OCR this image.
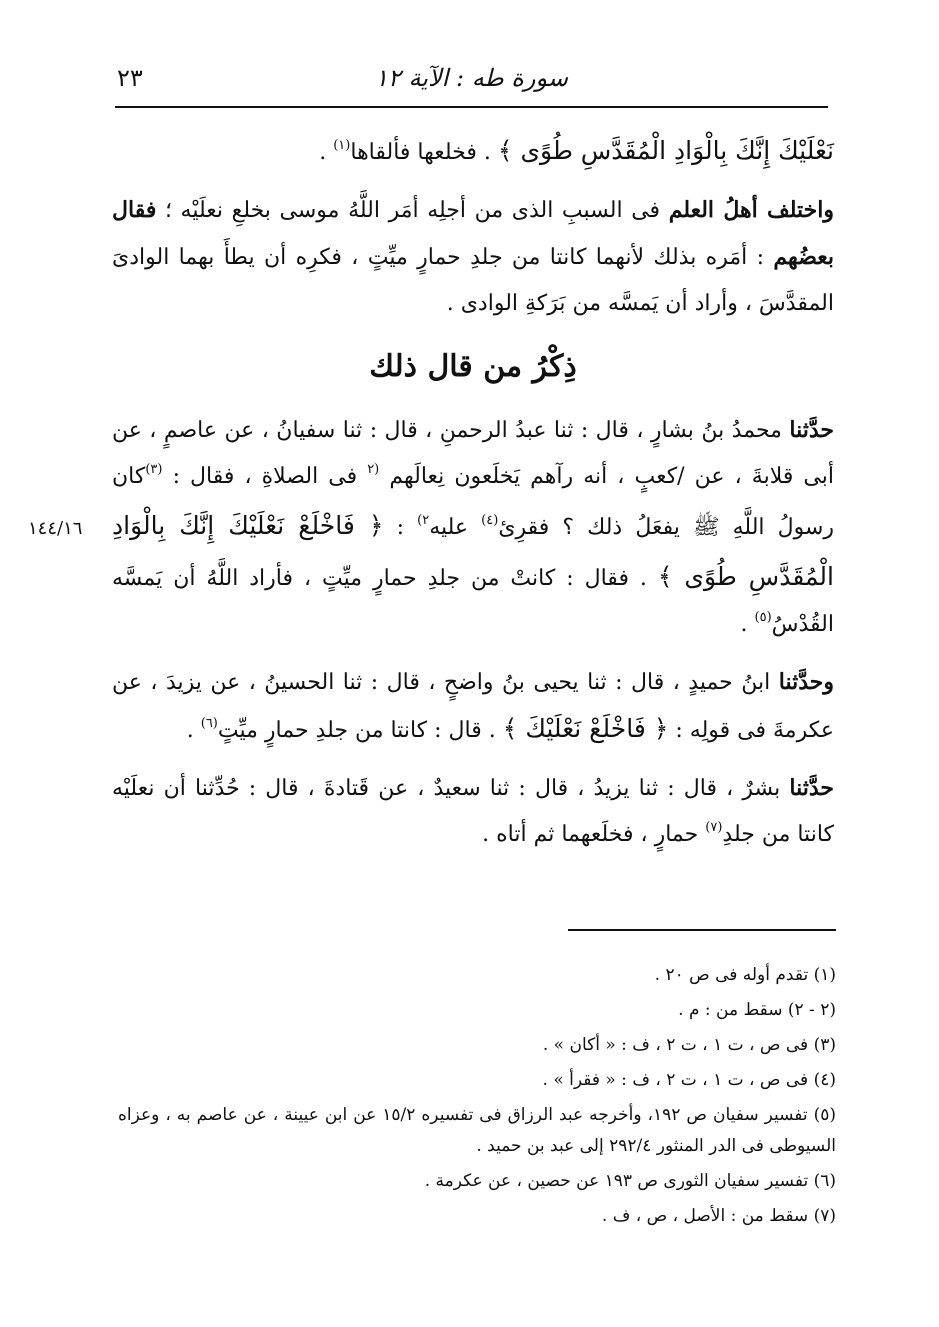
سورة طه : الآية ١٢
٢٣
١٤٤/١٦

نَعْلَيْكَ إِنَّكَ بِالْوَادِ الْمُقَدَّسِ طُوًى ﴾ . فخلعها فألقاها$^{(١)}$ .

واختلف أهلُ العلم فى السببِ الذى من أجلِه أمَر اللَّهُ موسى بخلعِ نعلَيْه ؛ فقال بعضُهم : أمَره بذلك لأنهما كانتا من جلدِ حمارٍ ميِّتٍ ، فكرِه أن يطأَ بهما الوادىَ المقدَّسَ ، وأراد أن يَمسَّه من بَرَكةِ الوادى .

ذِكْرُ من قال ذلك

حدَّثنا محمدُ بنُ بشارٍ ، قال : ثنا عبدُ الرحمنِ ، قال : ثنا سفيانُ ، عن عاصمٍ ، عن أبى قلابةَ ، عن /كعبٍ ، أنه رآهم يَخلَعون نِعالَهم $^{(٢}$ فى الصلاةِ ، فقال : $^{(٣)}$كان رسولُ اللَّهِ ﷺ يفعَلُ ذلك ؟ فقرِئ$^{(٤)}$ عليه$^{٢)}$ : ﴿ فَاخْلَعْ نَعْلَيْكَ إِنَّكَ بِالْوَادِ الْمُقَدَّسِ طُوًى ﴾ . فقال : كانتْ من جلدِ حمارٍ ميِّتٍ ، فأراد اللَّهُ أن يَمسَّه القُدْسُ$^{(٥)}$ .

وحدَّثنا ابنُ حميدٍ ، قال : ثنا يحيى بنُ واضحٍ ، قال : ثنا الحسينُ ، عن يزيدَ ، عن عكرمةَ فى قولِه : ﴿ فَاخْلَعْ نَعْلَيْكَ ﴾ . قال : كانتا من جلدِ حمارٍ ميِّتٍ$^{(٦)}$ .

حدَّثنا بشرٌ ، قال : ثنا يزيدُ ، قال : ثنا سعيدٌ ، عن قَتادةَ ، قال : حُدِّثنا أن نعلَيْه كانتا من جلدِ$^{(٧)}$ حمارٍ ، فخلَعهما ثم أتاه .

(١) تقدم أوله فى ص ٢٠ .

(٢ - ٢) سقط من : م .

(٣) فى ص ، ت ١ ، ت ٢ ، ف : « أكان » .

(٤) فى ص ، ت ١ ، ت ٢ ، ف : « فقرأ » .

(٥) تفسير سفيان ص ١٩٢، وأخرجه عبد الرزاق فى تفسيره ١٥/٢ عن ابن عيينة ، عن عاصم به ، وعزاه السيوطى فى الدر المنثور ٢٩٢/٤ إلى عبد بن حميد .

(٦) تفسير سفيان الثورى ص ١٩٣ عن حصين ، عن عكرمة .

(٧) سقط من : الأصل ، ص ، ف .
